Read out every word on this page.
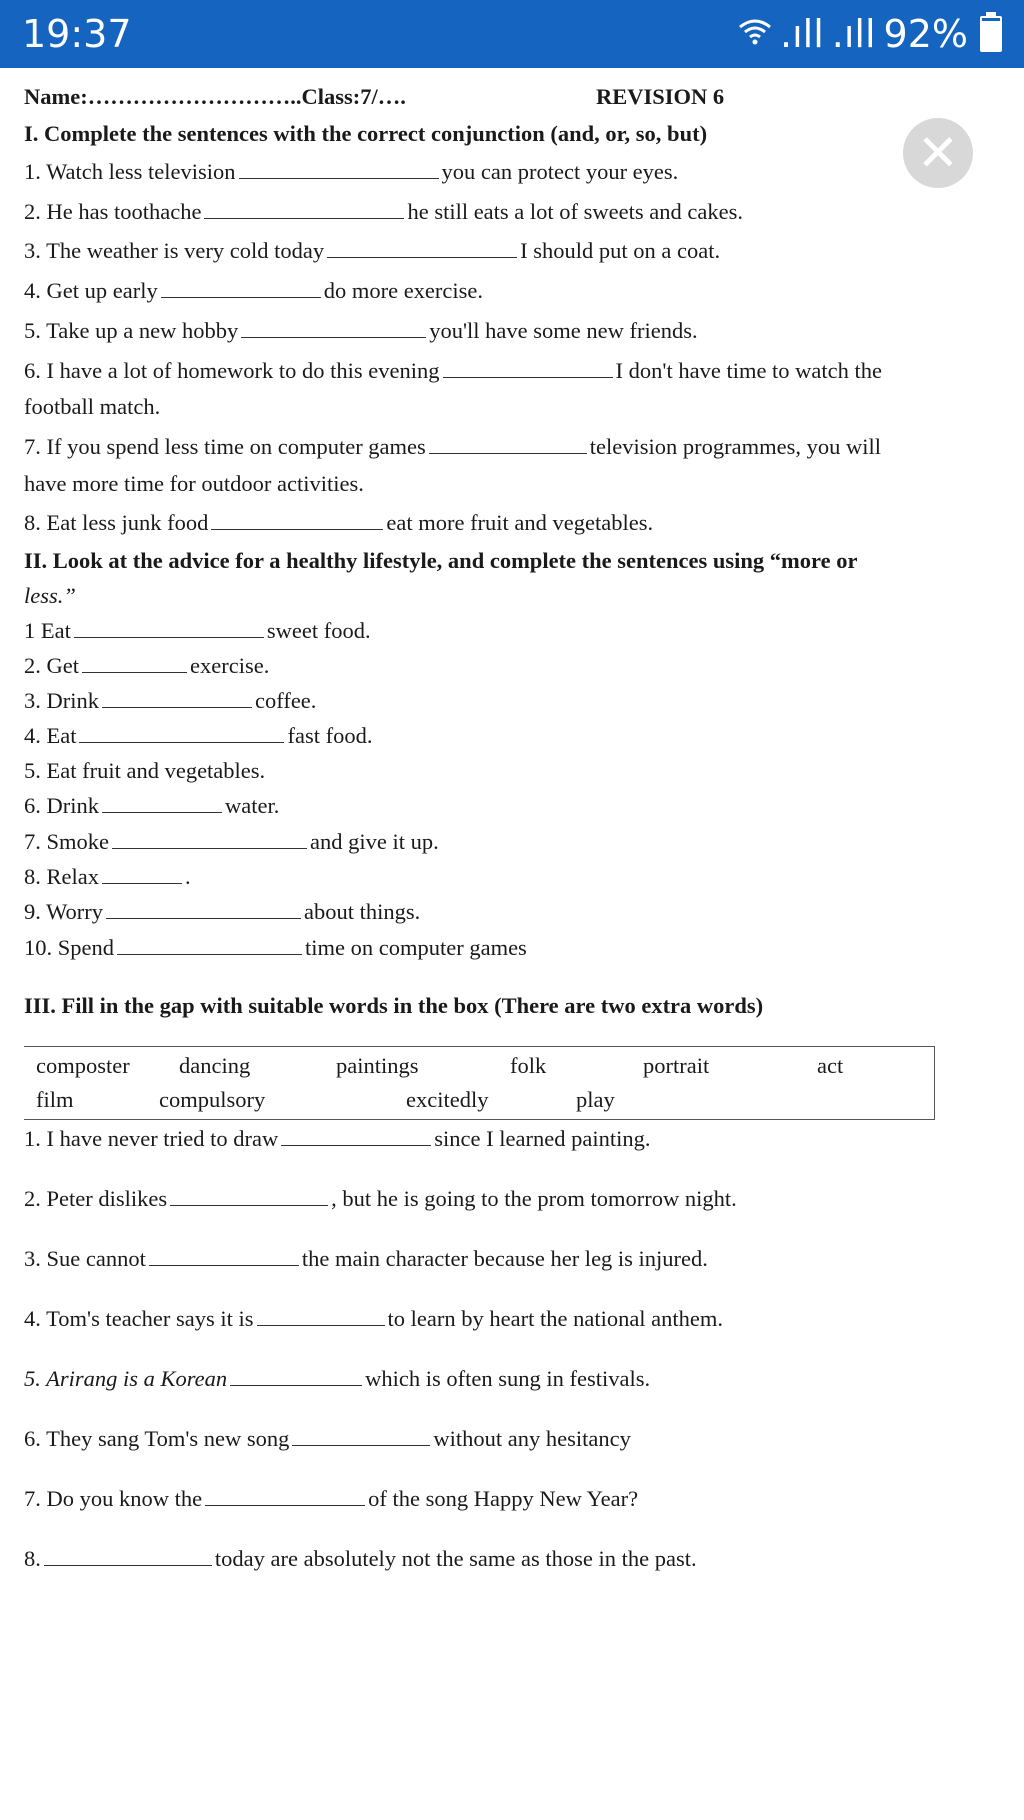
19:37	.ıll .ıll 92%
✕
Name:………………………..Class:7/….	REVISION 6
I. Complete the sentences with the correct conjunction (and, or, so, but)
1. Watch less television	you can protect your eyes.
2. He has toothache	he still eats a lot of sweets and cakes.
3. The weather is very cold today	I should put on a coat.
4. Get up early	do more exercise.
5. Take up a new hobby	you'll have some new friends.
6. I have a lot of homework to do this evening	I don't have time to watch the
football match.
7. If you spend less time on computer games	television programmes, you will
have more time for outdoor activities.
8. Eat less junk food	eat more fruit and vegetables.
II. Look at the advice for a healthy lifestyle, and complete the sentences using “more or
less.”
1 Eat	sweet food.
2. Get	exercise.
3. Drink	coffee.
4. Eat	fast food.
5. Eat fruit and vegetables.
6. Drink	water.
7. Smoke	and give it up.
8. Relax	.
9. Worry	about things.
10. Spend	time on computer games
III. Fill in the gap with suitable words in the box (There are two extra words)
composter dancing	paintings	folk	portrait	act
film	compulsory	excitedly	play
1. I have never tried to draw	since I learned painting.
2. Peter dislikes	, but he is going to the prom tomorrow night.
3. Sue cannot	the main character because her leg is injured.
4. Tom's teacher says it is	to learn by heart the national anthem.
5. Arirang is a Korean	which is often sung in festivals.
6. They sang Tom's new song	without any hesitancy
7. Do you know the	of the song Happy New Year?
8.	today are absolutely not the same as those in the past.
